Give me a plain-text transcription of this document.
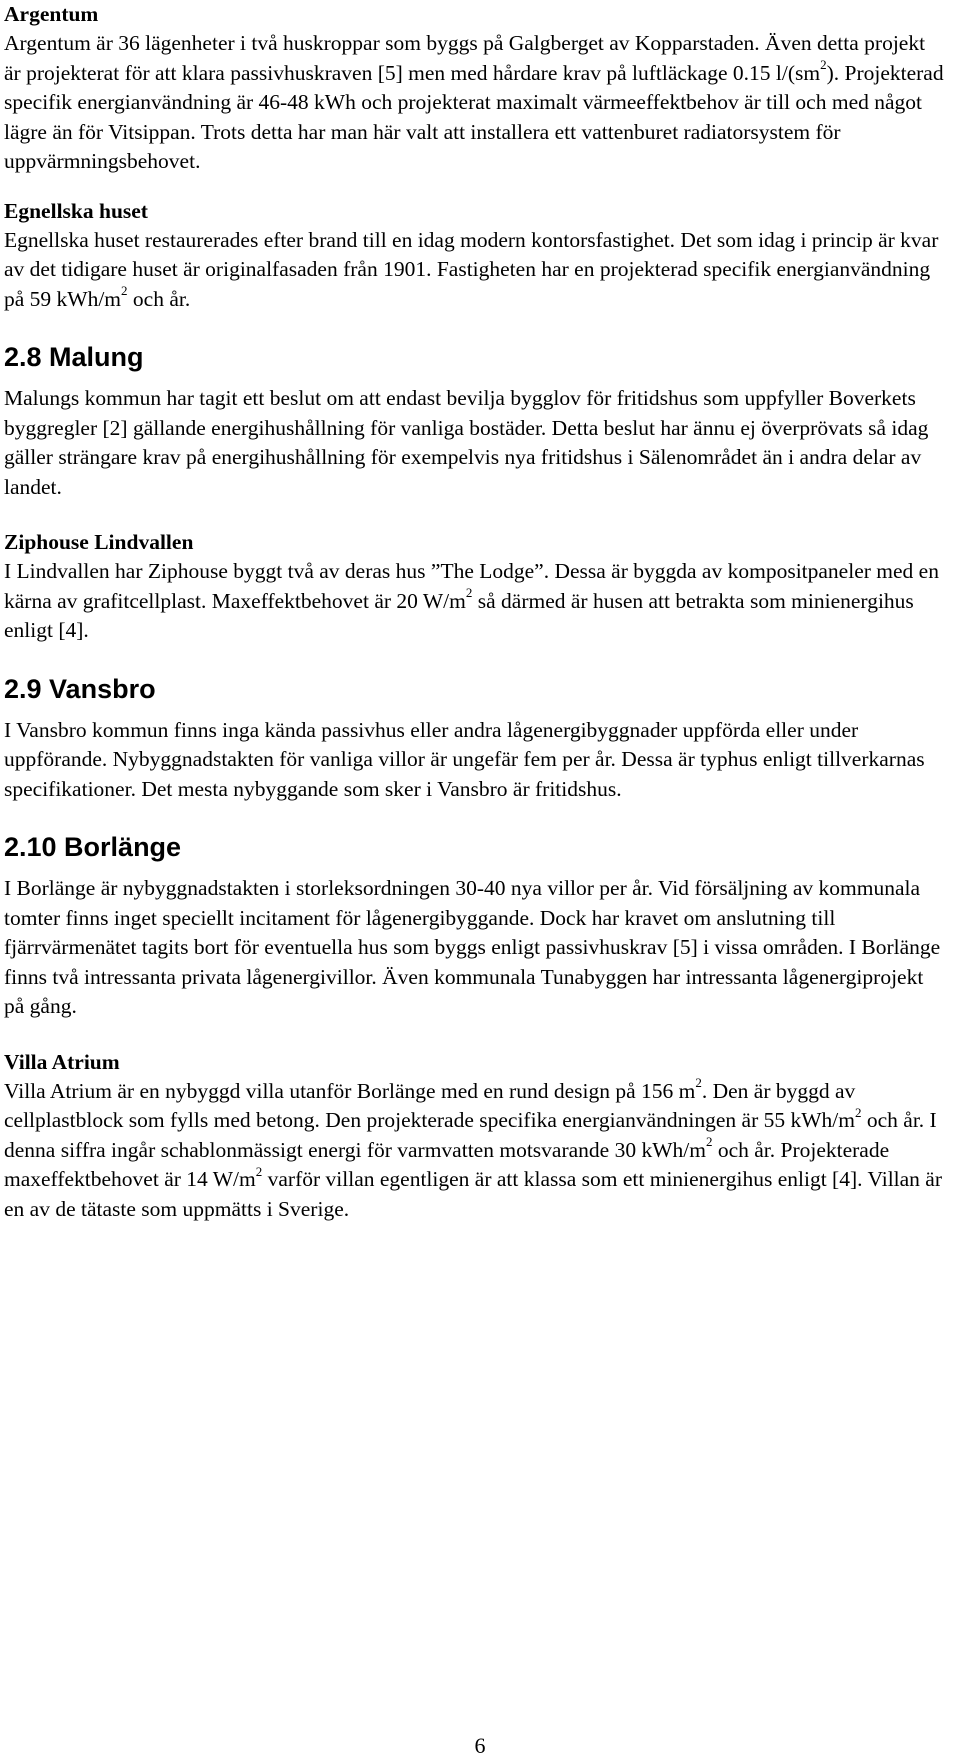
Argentum

Argentum är 36 lägenheter i två huskroppar som byggs på Galgberget av Kopparstaden. Även detta projekt är projekterat för att klara passivhuskraven [5] men med hårdare krav på luftläckage 0.15 $l/(sm^2)$. Projekterad specifik energianvändning är 46-48 kWh och projekterat maximalt värmeeffektbehov är till och med något lägre än för Vitsippan. Trots detta har man här valt att installera ett vattenburet radiatorsystem för uppvärmningsbehovet.

Egnellska huset

Egnellska huset restaurerades efter brand till en idag modern kontorsfastighet. Det som idag i princip är kvar av det tidigare huset är originalfasaden från 1901. Fastigheten har en projekterad specifik energianvändning på 59 kWh/$m^2$ och år.

2.8 Malung

Malungs kommun har tagit ett beslut om att endast bevilja bygglov för fritidshus som uppfyller Boverkets byggregler [2] gällande energihushållning för vanliga bostäder. Detta beslut har ännu ej överprövats så idag gäller strängare krav på energihushållning för exempelvis nya fritidshus i Sälenområdet än i andra delar av landet.

Ziphouse Lindvallen

I Lindvallen har Ziphouse byggt två av deras hus ”The Lodge”. Dessa är byggda av kompositpaneler med en kärna av grafitcellplast. Maxeffektbehovet är 20 $W/m^2$ så därmed är husen att betrakta som minienergihus enligt [4].

2.9 Vansbro

I Vansbro kommun finns inga kända passivhus eller andra lågenergibyggnader uppförda eller under uppförande. Nybyggnadstakten för vanliga villor är ungefär fem per år. Dessa är typhus enligt tillverkarnas specifikationer. Det mesta nybyggande som sker i Vansbro är fritidshus.

2.10 Borlänge

I Borlänge är nybyggnadstakten i storleksordningen 30-40 nya villor per år. Vid försäljning av kommunala tomter finns inget speciellt incitament för lågenergibyggande. Dock har kravet om anslutning till fjärrvärmenätet tagits bort för eventuella hus som byggs enligt passivhuskrav [5] i vissa områden. I Borlänge finns två intressanta privata lågenergivillor. Även kommunala Tunabyggen har intressanta lågenergiprojekt på gång.

Villa Atrium

Villa Atrium är en nybyggd villa utanför Borlänge med en rund design på 156 $m^2$. Den är byggd av cellplastblock som fylls med betong. Den projekterade specifika energianvändningen är 55 kWh/$m^2$ och år. I denna siffra ingår schablonmässigt energi för varmvatten motsvarande 30 kWh/$m^2$ och år. Projekterade maxeffektbehovet är 14 $W/m^2$ varför villan egentligen är att klassa som ett minienergihus enligt [4]. Villan är en av de tätaste som uppmätts i Sverige.

6
